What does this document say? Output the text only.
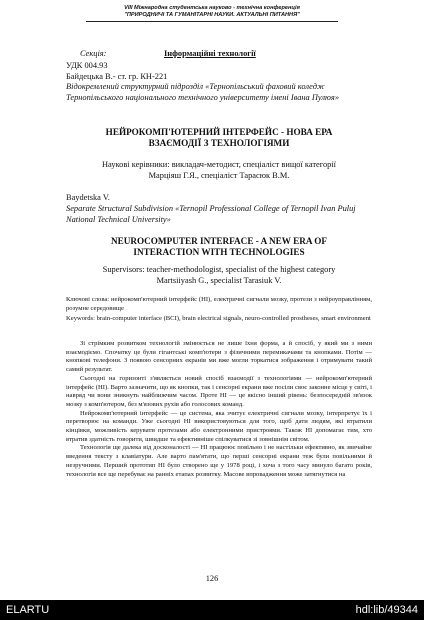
VIII Міжнародна студентська науково - технічна конференція
"ПРИРОДНИЧІ ТА ГУМАНІТАРНІ НАУКИ. АКТУАЛЬНІ ПИТАННЯ"
Секція:	Інформаційні технології
УДК 004.93
Байдецька В.- ст. гр. КН-221
Відокремлений структурний підрозділ «Тернопільський фаховий коледж Тернопільського національного технічного університету імені Івана Пулюя»
НЕЙРОКОМП'ЮТЕРНИЙ ІНТЕРФЕЙС - НОВА ЕРА
ВЗАЄМОДІЇ З ТЕХНОЛОГІЯМИ
Наукові керівники: викладач-методист, спеціаліст вищої категорії
Марціяш Г.Я., спеціаліст Тарасюк В.М.
Baydetska V.
Separate Structural Subdivision «Ternopil Professional College of Ternopil Ivan Puluj National Technical University»
NEUROCOMPUTER INTERFACE - A NEW ERA OF
INTERACTION WITH TECHNOLOGIES
Supervisors: teacher-methodologist, specialist of the highest category
Martsiiyash G., specialist Tarasiuk V.
Ключові слова: нейрокомп'ютерний інтерфейс (НІ), електричні сигнали мозку, протези з нейроуправлінням, розумне середовище
Keywords: brain-computer interface (BCI), brain electrical signals, neuro-controlled prostheses, smart environment

Зі стрімким розвитком технологій змінюється не лише їхня форма, а й спосіб, у який ми з ними взаємодіємо. Спочатку це були гігантські комп'ютери з фізичними перемикачами та кнопками. Потім — кнопкові телефони. З появою сенсорних екранів ми вже могли торкатися зображення і отримувати такий самий результат.

Сьогодні на горизонті з'являється новий спосіб взаємодії з технологіями — нейрокомп'ютерний інтерфейс (НІ). Варто зазначити, що як кнопки, так і сенсорні екрани вже посіли своє законне місце у світі, і навряд чи вони зникнуть найближчим часом. Проте НІ — це якісно інший рівень: безпосередній зв'язок мозку з комп'ютером, без м'язових рухів або голосових команд.

Нейрокомп'ютерний інтерфейс — це система, яка зчитує електричні сигнали мозку, інтерпретує їх і перетворює на команди. Уже сьогодні НІ використовуються для того, щоб дати людям, які втратили кінцівки, можливість керувати протезами або електронними пристроями. Також НІ допомагає тим, хто втратив здатність говорити, швидше та ефективніше спілкуватися зі зовнішнім світом.

Технологія ще далека від досконалості — НІ працюює повільно і не настільки ефективно, як звичайне введення тексту з клавіатури. Але варто пам'ятати, що перші сенсорні екрани теж були повільними й незручними. Перший прототип НІ було створено ще у 1978 році, і хоча з того часу минуло багато років, технологія все ще перебуває на ранніх етапах розвитку. Масове впровадження може затягнутися на

126
ELARTU	hdl:lib/49344
